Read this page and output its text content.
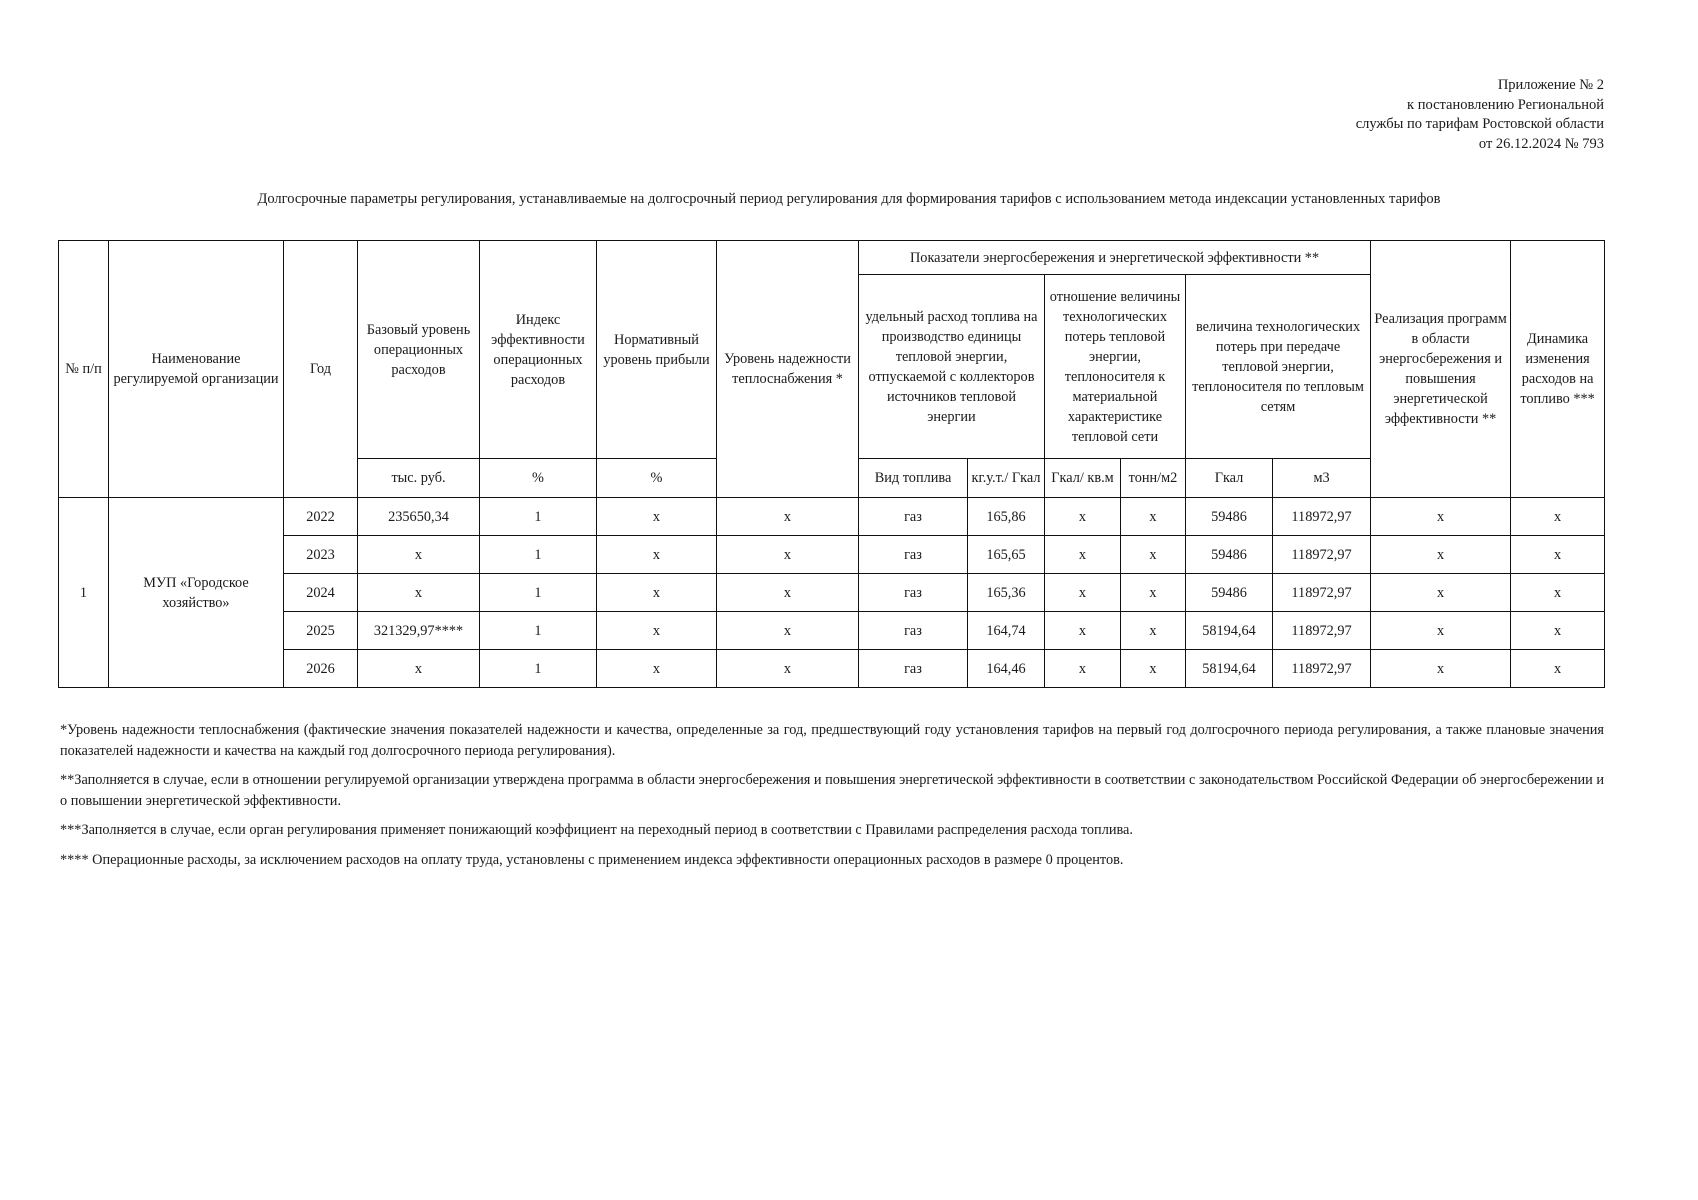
Приложение № 2
к постановлению Региональной
службы по тарифам Ростовской области
от 26.12.2024 № 793
Долгосрочные параметры регулирования, устанавливаемые на долгосрочный период регулирования для формирования тарифов с использованием метода индексации установленных тарифов
№ п/п	Наименование регулируемой организации	Год	Базовый уровень операционных расходов	Индекс эффективности операционных расходов	Нормативный уровень прибыли	Уровень надежности теплоснабжения *	Показатели энергосбережения и энергетической эффективности **						Реализация программ в области энергосбережения и повышения энергетической эффективности **	Динамика изменения расходов на топливо ***
							удельный расход топлива на производство единицы тепловой энергии, отпускаемой с коллекторов источников тепловой энергии		отношение величины технологических потерь тепловой энергии, теплоносителя к материальной характеристике тепловой сети		величина технологических потерь при передаче тепловой энергии, теплоносителя по тепловым сетям			
			тыс. руб.	%	%		Вид топлива	кг.у.т./ Гкал	Гкал/ кв.м	тонн/м2	Гкал	м3		
1	МУП «Городское хозяйство»	2022	235650,34	1	x	x	газ	165,86	x	x	59486	118972,97	x	x
		2023	x	1	x	x	газ	165,65	x	x	59486	118972,97	x	x
		2024	x	1	x	x	газ	165,36	x	x	59486	118972,97	x	x
		2025	321329,97****	1	x	x	газ	164,74	x	x	58194,64	118972,97	x	x
		2026	x	1	x	x	газ	164,46	x	x	58194,64	118972,97	x	x

*Уровень надежности теплоснабжения (фактические значения показателей надежности и качества, определенные за год, предшествующий году установления тарифов на первый год долгосрочного периода регулирования, а также плановые значения показателей надежности и качества на каждый год долгосрочного периода регулирования).

**Заполняется в случае, если в отношении регулируемой организации утверждена программа в области энергосбережения и повышения энергетической эффективности в соответствии с законодательством Российской Федерации об энергосбережении и о повышении энергетической эффективности.

***Заполняется в случае, если орган регулирования применяет понижающий коэффициент на переходный период в соответствии с Правилами распределения расхода топлива.

**** Операционные расходы, за исключением расходов на оплату труда, установлены с применением индекса эффективности операционных расходов в размере 0 процентов.
